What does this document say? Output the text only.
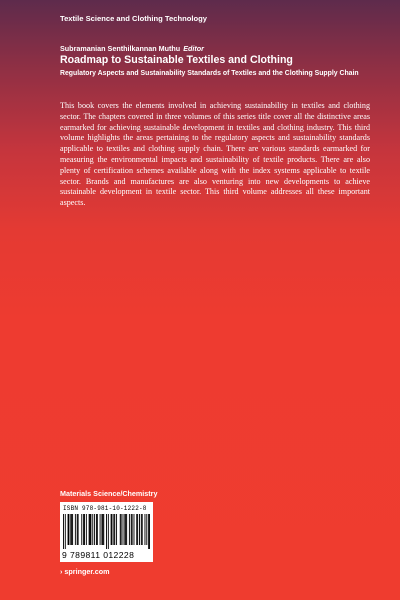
Textile Science and Clothing Technology
Subramanian Senthilkannan Muthu Editor
Roadmap to Sustainable Textiles and Clothing
Regulatory Aspects and Sustainability Standards of Textiles and the Clothing Supply Chain

This book covers the elements involved in achieving sustainability in textiles and clothing sector. The chapters covered in three volumes of this series title cover all the distinctive areas earmarked for achieving sustainable development in textiles and clothing industry. This third volume highlights the areas pertaining to the regulatory aspects and sustainability standards applicable to textiles and clothing supply chain. There are various standards earmarked for measuring the environmental impacts and sustainability of textile products. There are also plenty of certification schemes available along with the index systems applicable to textile sector. Brands and manufactures are also venturing into new developments to achieve sustainable development in textile sector. This third volume addresses all these important aspects.

Materials Science/Chemistry
ISBN 978-981-10-1222-8
9 789811 012228
› springer.com
